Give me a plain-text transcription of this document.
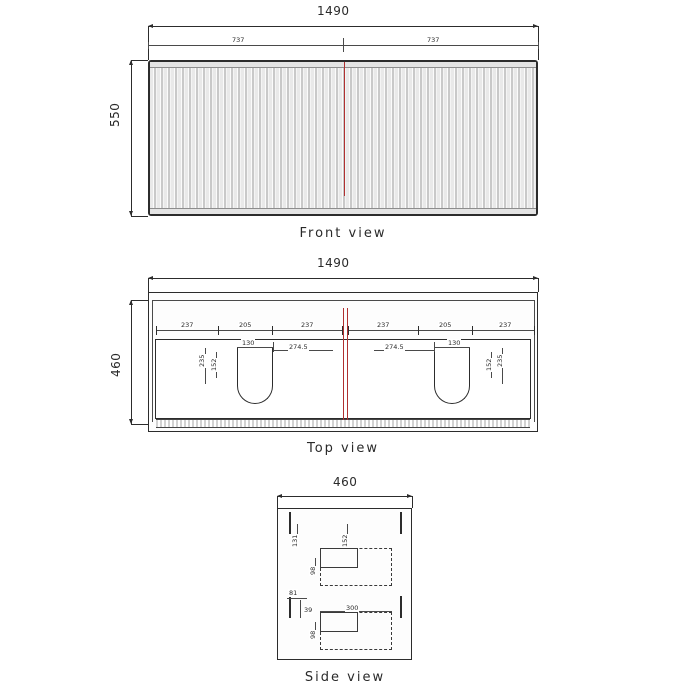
1490
737	737
550
Front view
1490
460
237	205	237	237	205	237
130	274.5
235 152
130
274.5
235
152
Top view
460
131	152
98
81
39	300
98
Side view
